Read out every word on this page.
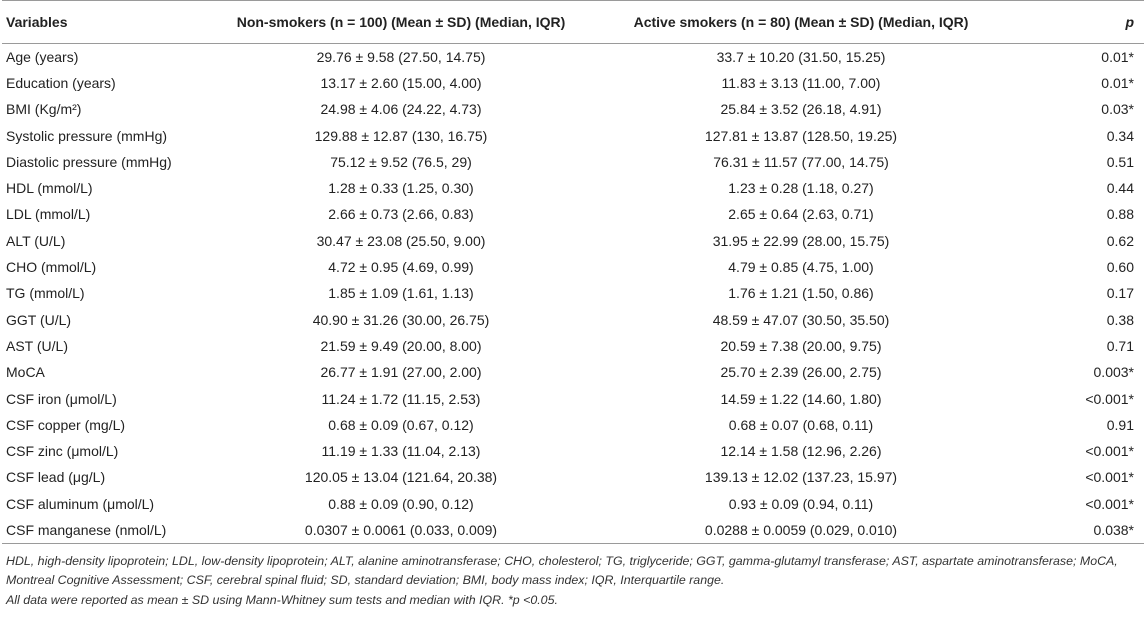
Variables	Non-smokers (n = 100) (Mean ± SD) (Median, IQR)	Active smokers (n = 80) (Mean ± SD) (Median, IQR)	p
Age (years)	29.76 ± 9.58 (27.50, 14.75)	33.7 ± 10.20 (31.50, 15.25)	0.01*
Education (years)	13.17 ± 2.60 (15.00, 4.00)	11.83 ± 3.13 (11.00, 7.00)	0.01*
BMI (Kg/m²)	24.98 ± 4.06 (24.22, 4.73)	25.84 ± 3.52 (26.18, 4.91)	0.03*
Systolic pressure (mmHg)	129.88 ± 12.87 (130, 16.75)	127.81 ± 13.87 (128.50, 19.25)	0.34
Diastolic pressure (mmHg)	75.12 ± 9.52 (76.5, 29)	76.31 ± 11.57 (77.00, 14.75)	0.51
HDL (mmol/L)	1.28 ± 0.33 (1.25, 0.30)	1.23 ± 0.28 (1.18, 0.27)	0.44
LDL (mmol/L)	2.66 ± 0.73 (2.66, 0.83)	2.65 ± 0.64 (2.63, 0.71)	0.88
ALT (U/L)	30.47 ± 23.08 (25.50, 9.00)	31.95 ± 22.99 (28.00, 15.75)	0.62
CHO (mmol/L)	4.72 ± 0.95 (4.69, 0.99)	4.79 ± 0.85 (4.75, 1.00)	0.60
TG (mmol/L)	1.85 ± 1.09 (1.61, 1.13)	1.76 ± 1.21 (1.50, 0.86)	0.17
GGT (U/L)	40.90 ± 31.26 (30.00, 26.75)	48.59 ± 47.07 (30.50, 35.50)	0.38
AST (U/L)	21.59 ± 9.49 (20.00, 8.00)	20.59 ± 7.38 (20.00, 9.75)	0.71
MoCA	26.77 ± 1.91 (27.00, 2.00)	25.70 ± 2.39 (26.00, 2.75)	0.003*
CSF iron (μmol/L)	11.24 ± 1.72 (11.15, 2.53)	14.59 ± 1.22 (14.60, 1.80)	<0.001*
CSF copper (mg/L)	0.68 ± 0.09 (0.67, 0.12)	0.68 ± 0.07 (0.68, 0.11)	0.91
CSF zinc (μmol/L)	11.19 ± 1.33 (11.04, 2.13)	12.14 ± 1.58 (12.96, 2.26)	<0.001*
CSF lead (μg/L)	120.05 ± 13.04 (121.64, 20.38)	139.13 ± 12.02 (137.23, 15.97)	<0.001*
CSF aluminum (μmol/L)	0.88 ± 0.09 (0.90, 0.12)	0.93 ± 0.09 (0.94, 0.11)	<0.001*
CSF manganese (nmol/L)	0.0307 ± 0.0061 (0.033, 0.009)	0.0288 ± 0.0059 (0.029, 0.010)	0.038*

HDL, high-density lipoprotein; LDL, low-density lipoprotein; ALT, alanine aminotransferase; CHO, cholesterol; TG, triglyceride; GGT, gamma-glutamyl transferase; AST, aspartate aminotransferase; MoCA, Montreal Cognitive Assessment; CSF, cerebral spinal fluid; SD, standard deviation; BMI, body mass index; IQR, Interquartile range.

All data were reported as mean ± SD using Mann-Whitney sum tests and median with IQR. *p <0.05.
